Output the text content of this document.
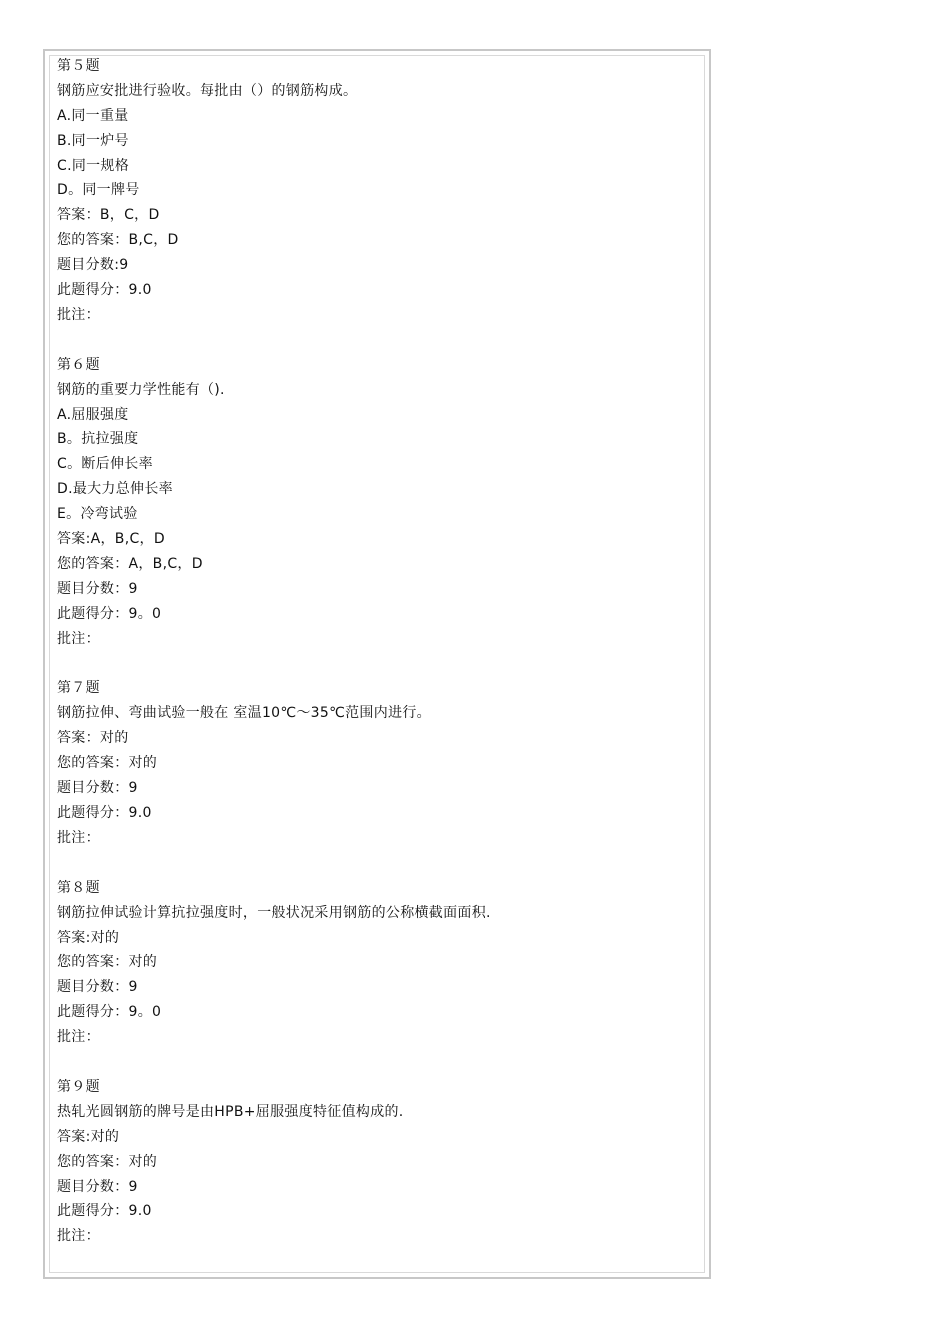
第５题
钢筋应安批进行验收。每批由（）的钢筋构成。
A.同一重量
B.同一炉号
C.同一规格
D。同一牌号
答案：B，C，D
您的答案：B,C，D
题目分数:9
此题得分：9.0
批注：
第６题
钢筋的重要力学性能有（).
A.屈服强度
B。抗拉强度
C。断后伸长率
D.最大力总伸长率
E。冷弯试验
答案:A，B,C，D
您的答案：A，B,C，D
题目分数：9
此题得分：9。0
批注：
第７题
钢筋拉伸、弯曲试验一般在 室温10℃～35℃范围内进行。
答案：对的
您的答案：对的
题目分数：9
此题得分：9.0
批注：
第８题
钢筋拉伸试验计算抗拉强度时，一般状况采用钢筋的公称横截面面积.
答案:对的
您的答案：对的
题目分数：9
此题得分：9。0
批注：
第９题
热轧光圆钢筋的牌号是由HPB+屈服强度特征值构成的.
答案:对的
您的答案：对的
题目分数：9
此题得分：9.0
批注：
